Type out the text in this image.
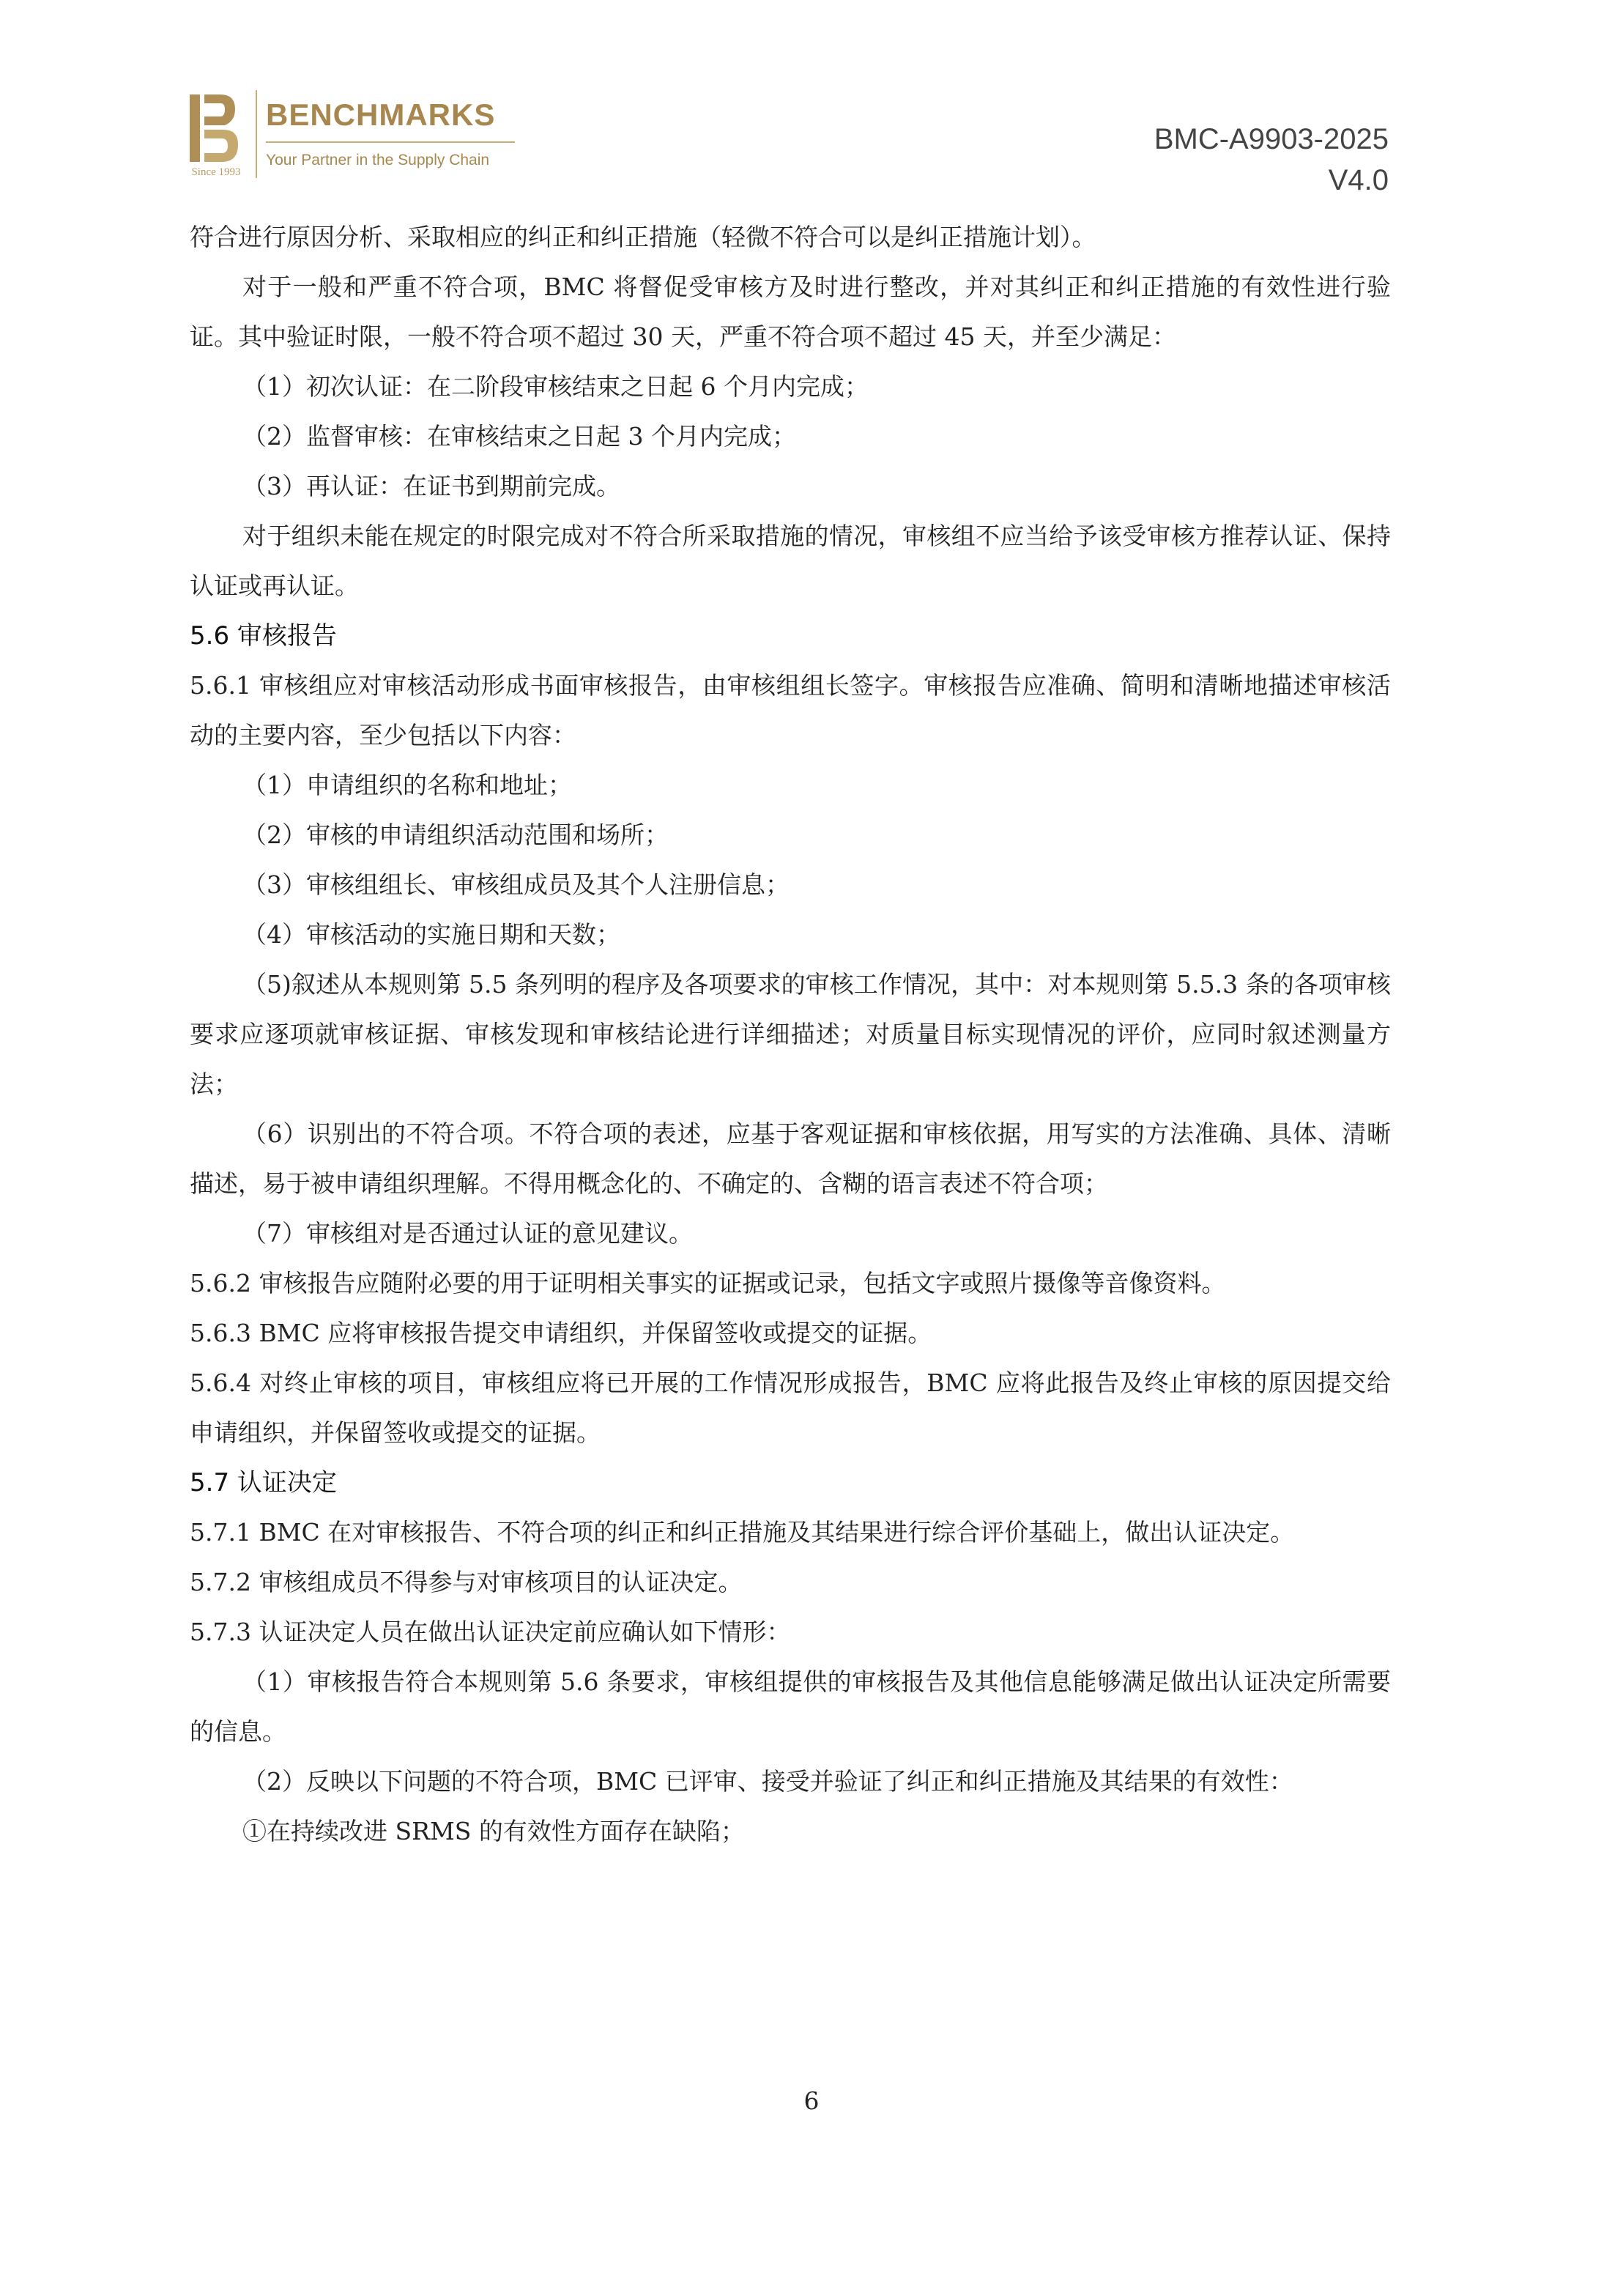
Since 1993
BENCHMARKS
Your Partner in the Supply Chain
BMC-A9903-2025
V4.0

符合进行原因分析、采取相应的纠正和纠正措施（轻微不符合可以是纠正措施计划）。

对于一般和严重不符合项，BMC 将督促受审核方及时进行整改，并对其纠正和纠正措施的有效性进行验证。其中验证时限，一般不符合项不超过 30 天，严重不符合项不超过 45 天，并至少满足：

（1）初次认证：在二阶段审核结束之日起 6 个月内完成；

（2）监督审核：在审核结束之日起 3 个月内完成；

（3）再认证：在证书到期前完成。

对于组织未能在规定的时限完成对不符合所采取措施的情况，审核组不应当给予该受审核方推荐认证、保持认证或再认证。

5.6 审核报告

5.6.1 审核组应对审核活动形成书面审核报告，由审核组组长签字。审核报告应准确、简明和清晰地描述审核活动的主要内容，至少包括以下内容：

（1）申请组织的名称和地址；

（2）审核的申请组织活动范围和场所；

（3）审核组组长、审核组成员及其个人注册信息；

（4）审核活动的实施日期和天数；

（5)叙述从本规则第 5.5 条列明的程序及各项要求的审核工作情况，其中：对本规则第 5.5.3 条的各项审核要求应逐项就审核证据、审核发现和审核结论进行详细描述；对质量目标实现情况的评价，应同时叙述测量方法；

（6）识别出的不符合项。不符合项的表述，应基于客观证据和审核依据，用写实的方法准确、具体、清晰描述，易于被申请组织理解。不得用概念化的、不确定的、含糊的语言表述不符合项；

（7）审核组对是否通过认证的意见建议。

5.6.2 审核报告应随附必要的用于证明相关事实的证据或记录，包括文字或照片摄像等音像资料。

5.6.3 BMC 应将审核报告提交申请组织，并保留签收或提交的证据。

5.6.4 对终止审核的项目，审核组应将已开展的工作情况形成报告，BMC 应将此报告及终止审核的原因提交给申请组织，并保留签收或提交的证据。

5.7 认证决定

5.7.1 BMC 在对审核报告、不符合项的纠正和纠正措施及其结果进行综合评价基础上，做出认证决定。

5.7.2 审核组成员不得参与对审核项目的认证决定。

5.7.3 认证决定人员在做出认证决定前应确认如下情形：

（1）审核报告符合本规则第 5.6 条要求，审核组提供的审核报告及其他信息能够满足做出认证决定所需要的信息。

（2）反映以下问题的不符合项，BMC 已评审、接受并验证了纠正和纠正措施及其结果的有效性：

①在持续改进 SRMS 的有效性方面存在缺陷；

6
